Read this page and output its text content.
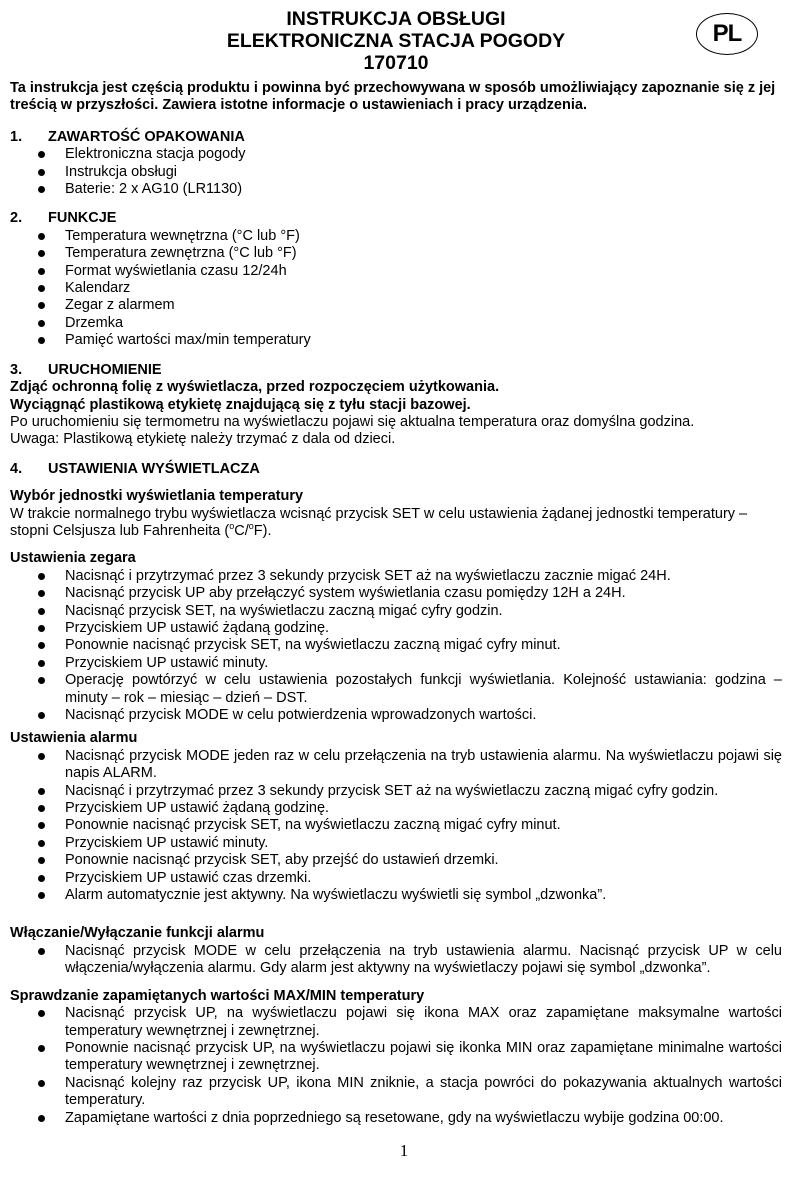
PL
INSTRUKCJA OBSŁUGI
ELEKTRONICZNA STACJA POGODY
170710
Ta instrukcja jest częścią produktu i powinna być przechowywana w sposób umożliwiający zapoznanie się z jej treścią w przyszłości. Zawiera istotne informacje o ustawieniach i pracy urządzenia.
1. ZAWARTOŚĆ OPAKOWANIA
Elektroniczna stacja pogody
Instrukcja obsługi
Baterie: 2 x AG10 (LR1130)
2. FUNKCJE
Temperatura wewnętrzna (°C lub °F)
Temperatura zewnętrzna (°C lub °F)
Format wyświetlania czasu 12/24h
Kalendarz
Zegar z alarmem
Drzemka
Pamięć wartości max/min temperatury
3. URUCHOMIENIE
Zdjąć ochronną folię z wyświetlacza, przed rozpoczęciem użytkowania.
Wyciągnąć plastikową etykietę znajdującą się z tyłu stacji bazowej.
Po uruchomieniu się termometru na wyświetlaczu pojawi się aktualna temperatura oraz domyślna godzina.
Uwaga: Plastikową etykietę należy trzymać z dala od dzieci.
4. USTAWIENIA WYŚWIETLACZA
Wybór jednostki wyświetlania temperatury
W trakcie normalnego trybu wyświetlacza wcisnąć przycisk SET w celu ustawienia żądanej jednostki temperatury – stopni Celsjusza lub Fahrenheita ($^o$C/$^o$F).
Ustawienia zegara
Nacisnąć i przytrzymać przez 3 sekundy przycisk SET aż na wyświetlaczu zacznie migać 24H.
Nacisnąć przycisk UP aby przełączyć system wyświetlania czasu pomiędzy 12H a 24H.
Nacisnąć przycisk SET, na wyświetlaczu zaczną migać cyfry godzin.
Przyciskiem UP ustawić żądaną godzinę.
Ponownie nacisnąć przycisk SET, na wyświetlaczu zaczną migać cyfry minut.
Przyciskiem UP ustawić minuty.
Operację powtórzyć w celu ustawienia pozostałych funkcji wyświetlania. Kolejność ustawiania: godzina – minuty – rok – miesiąc – dzień – DST.
Nacisnąć przycisk MODE w celu potwierdzenia wprowadzonych wartości.
Ustawienia alarmu
Nacisnąć przycisk MODE jeden raz w celu przełączenia na tryb ustawienia alarmu. Na wyświetlaczu pojawi się napis ALARM.
Nacisnąć i przytrzymać przez 3 sekundy przycisk SET aż na wyświetlaczu zaczną migać cyfry godzin.
Przyciskiem UP ustawić żądaną godzinę.
Ponownie nacisnąć przycisk SET, na wyświetlaczu zaczną migać cyfry minut.
Przyciskiem UP ustawić minuty.
Ponownie nacisnąć przycisk SET, aby przejść do ustawień drzemki.
Przyciskiem UP ustawić czas drzemki.
Alarm automatycznie jest aktywny. Na wyświetlaczu wyświetli się symbol „dzwonka”.
Włączanie/Wyłączanie funkcji alarmu
Nacisnąć przycisk MODE w celu przełączenia na tryb ustawienia alarmu. Nacisnąć przycisk UP w celu włączenia/wyłączenia alarmu. Gdy alarm jest aktywny na wyświetlaczy pojawi się symbol „dzwonka”.
Sprawdzanie zapamiętanych wartości MAX/MIN temperatury
Nacisnąć przycisk UP, na wyświetlaczu pojawi się ikona MAX oraz zapamiętane maksymalne wartości temperatury wewnętrznej i zewnętrznej.
Ponownie nacisnąć przycisk UP, na wyświetlaczu pojawi się ikonka MIN oraz zapamiętane minimalne wartości temperatury wewnętrznej i zewnętrznej.
Nacisnąć kolejny raz przycisk UP, ikona MIN zniknie, a stacja powróci do pokazywania aktualnych wartości temperatury.
Zapamiętane wartości z dnia poprzedniego są resetowane, gdy na wyświetlaczu wybije godzina 00:00.
1
